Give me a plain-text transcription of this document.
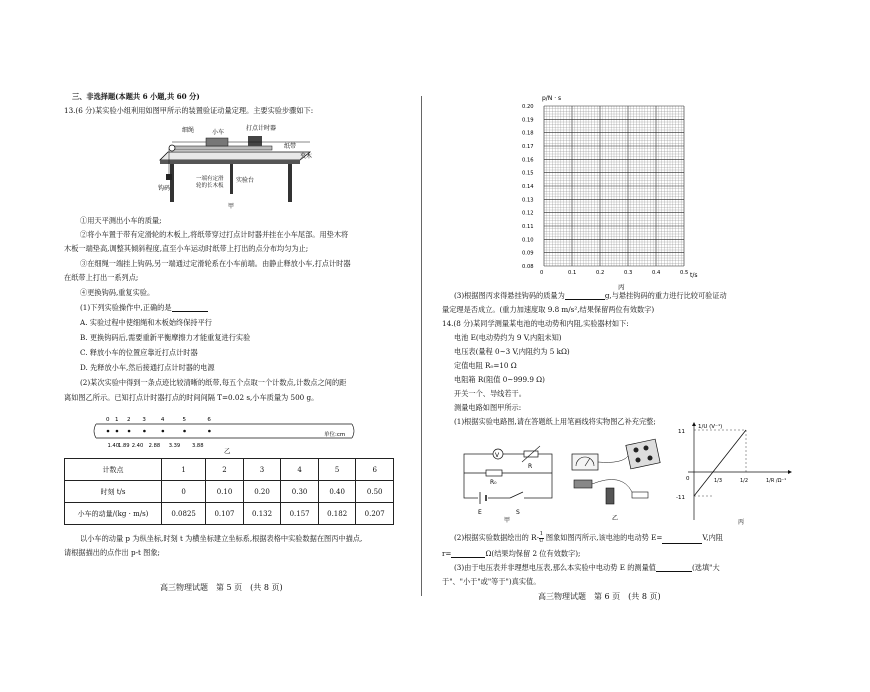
三、非选择题(本题共 6 小题,共 60 分)
13.(6 分)某实验小组利用如图甲所示的装置验证动量定理。主要实验步骤如下:
细绳	小车
打点计时器
纸带
夹木
钩码
实验台
甲
一端有定滑轮的长木板
①用天平测出小车的质量;
②将小车置于带有定滑轮的木板上,将纸带穿过打点计时器并挂在小车尾部。用垫木将
木板一端垫高,调整其倾斜程度,直至小车运动时纸带上打出的点分布均匀为止;
③在细绳一端挂上钩码,另一端通过定滑轮系在小车前端。由静止释放小车,打点计时器
在纸带上打出一系列点;
④更换钩码,重复实验。
(1)下列实验操作中,正确的是
A. 实验过程中使细绳和木板始终保持平行
B. 更换钩码后,需要重新平衡摩擦力才能重复进行实验
C. 释放小车的位置应靠近打点计时器
D. 先释放小车,然后接通打点计时器的电源
(2)某次实验中得到一条点迹比较清晰的纸带,每五个点取一个计数点,计数点之间的距
离如图乙所示。已知打点计时器打点的时间间隔 T=0.02 s,小车质量为 500 g。
0 1 2 3	4	5	6
1.40
1.89 2.40 2.88 3.39 3.88
单位:cm
乙
计数点	1	2	3	4	5	6
时刻 t/s	0	0.10	0.20	0.30	0.40	0.50
小车的动量/(kg · m/s)	0.0825	0.107	0.132	0.157	0.182	0.207
以小车的动量 p 为纵坐标,时刻 t 为横坐标建立坐标系,根据表格中实验数据在图丙中描点,
请根据描出的点作出 p-t 图象;
高三物理试题　第 5 页　(共 8 页)
0.20
0.19
0.18
0.17
0.16
0.15
0.14
0.13
0.12
0.11
0.10
0.09
0.08
0	0.1	0.2	0.3	0.4	0.5
p/N · s
t/s
丙
(3)根据图丙求得悬挂钩码的质量为	g,与悬挂钩码的重力进行比较可验证动
量定理是否成立。(重力加速度取 9.8 m/s²,结果保留两位有效数字)
14.(8 分)某同学测量某电池的电动势和内阻,实验器材如下:
电池 E(电动势约为 9 V,内阻未知)
电压表(量程 0~3 V,内阻约为 5 kΩ)
定值电阻 R₀=10 Ω
电阻箱 R(阻值 0~999.9 Ω)
开关一个、导线若干。
测量电路如图甲所示:
(1)根据实验电路图,请在答题纸上用笔画线将实物图乙补充完整;
V
R
R₀
E	S
甲	乙
1/U (V⁻¹)
11
-11
0	1/3	1/2	1/R /Ω⁻¹
丙
(2)根据实验数据绘出的 $R- \frac{1}{U}$ 图象如图丙所示,该电池的电动势 E=	V,内阻
r=	Ω(结果均保留 2 位有效数字);
(3)由于电压表并非理想电压表,那么本实验中电动势 E 的测量值	(选填"大
于"、"小于"或"等于")真实值。
高三物理试题　第 6 页　(共 8 页)
